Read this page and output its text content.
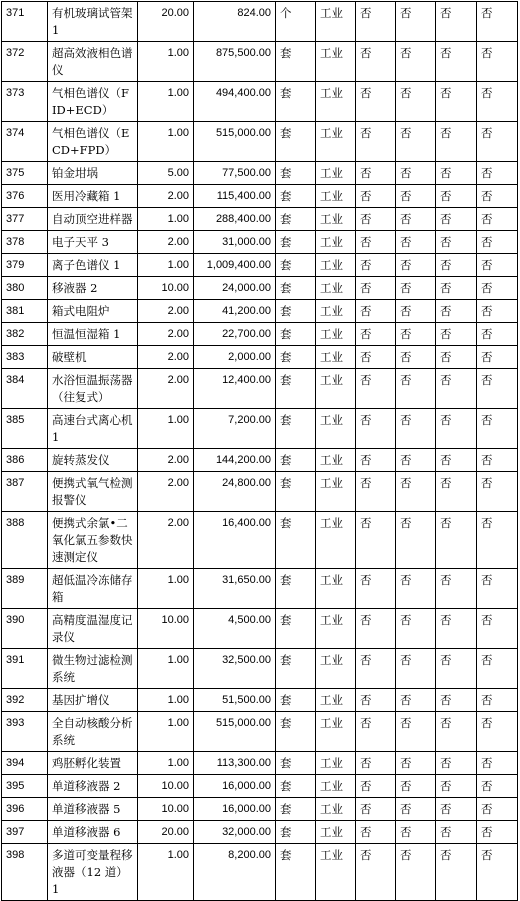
371	有机玻璃试管架 1	20.00	824.00	个	工业	否	否	否	否
372	超高效液相色谱仪	1.00	875,500.00	套	工业	否	否	否	否
373	气相色谱仪（FID+ECD）	1.00	494,400.00	套	工业	否	否	否	否
374	气相色谱仪（ECD+FPD）	1.00	515,000.00	套	工业	否	否	否	否
375	铂金坩埚	5.00	77,500.00	套	工业	否	否	否	否
376	医用冷藏箱 1	2.00	115,400.00	套	工业	否	否	否	否
377	自动顶空进样器	1.00	288,400.00	套	工业	否	否	否	否
378	电子天平 3	2.00	31,000.00	套	工业	否	否	否	否
379	离子色谱仪 1	1.00	1,009,400.00	套	工业	否	否	否	否
380	移液器 2	10.00	24,000.00	套	工业	否	否	否	否
381	箱式电阻炉	2.00	41,200.00	套	工业	否	否	否	否
382	恒温恒湿箱 1	2.00	22,700.00	套	工业	否	否	否	否
383	破壁机	2.00	2,000.00	套	工业	否	否	否	否
384	水浴恒温振荡器（往复式）	2.00	12,400.00	套	工业	否	否	否	否
385	高速台式离心机 1	1.00	7,200.00	套	工业	否	否	否	否
386	旋转蒸发仪	2.00	144,200.00	套	工业	否	否	否	否
387	便携式氧气检测报警仪	2.00	24,800.00	套	工业	否	否	否	否
388	便携式余氯•二氧化氯五参数快速测定仪	2.00	16,400.00	套	工业	否	否	否	否
389	超低温冷冻储存箱	1.00	31,650.00	套	工业	否	否	否	否
390	高精度温湿度记录仪	10.00	4,500.00	套	工业	否	否	否	否
391	微生物过滤检测系统	1.00	32,500.00	套	工业	否	否	否	否
392	基因扩增仪	1.00	51,500.00	套	工业	否	否	否	否
393	全自动核酸分析系统	1.00	515,000.00	套	工业	否	否	否	否
394	鸡胚孵化装置	1.00	113,300.00	套	工业	否	否	否	否
395	单道移液器 2	10.00	16,000.00	套	工业	否	否	否	否
396	单道移液器 5	10.00	16,000.00	套	工业	否	否	否	否
397	单道移液器 6	20.00	32,000.00	套	工业	否	否	否	否
398	多道可变量程移液器（12 道）1	1.00	8,200.00	套	工业	否	否	否	否
